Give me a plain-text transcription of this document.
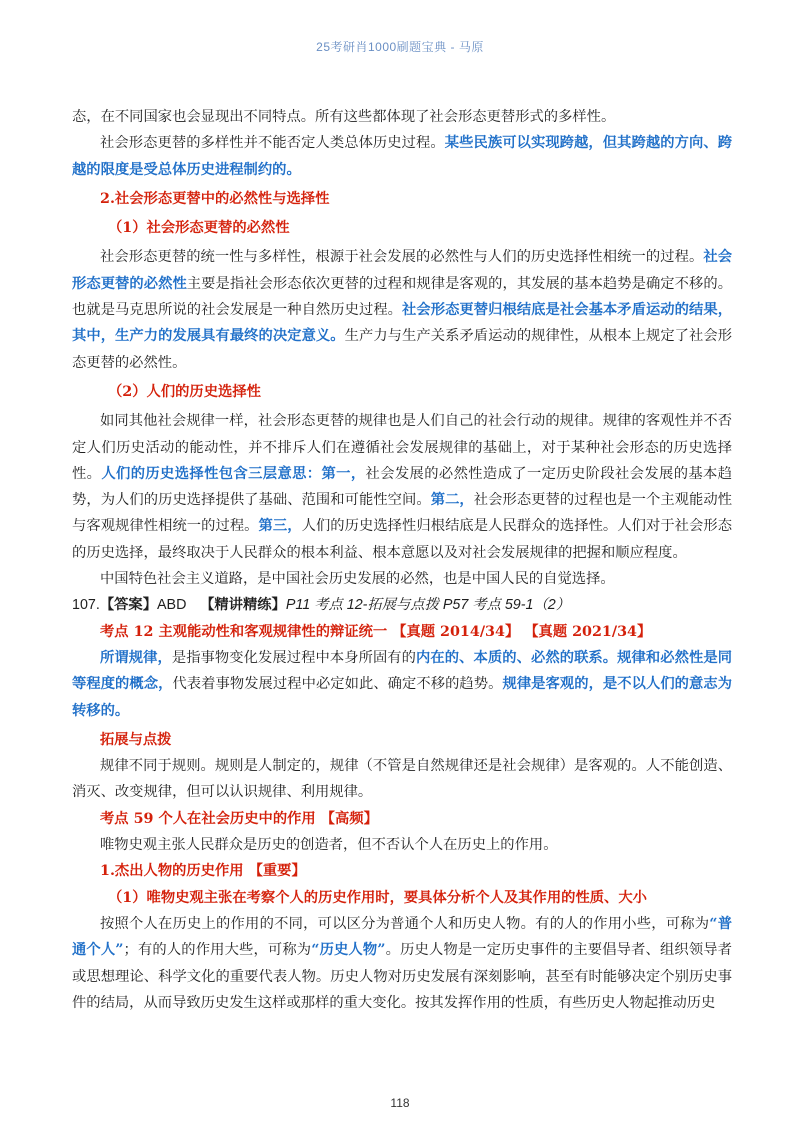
25考研肖1000刷题宝典 - 马原

态，在不同国家也会显现出不同特点。所有这些都体现了社会形态更替形式的多样性。

社会形态更替的多样性并不能否定人类总体历史过程。某些民族可以实现跨越，但其跨越的方向、跨越的限度是受总体历史进程制约的。

2.社会形态更替中的必然性与选择性

（1）社会形态更替的必然性

社会形态更替的统一性与多样性，根源于社会发展的必然性与人们的历史选择性相统一的过程。社会形态更替的必然性主要是指社会形态依次更替的过程和规律是客观的，其发展的基本趋势是确定不移的。也就是马克思所说的社会发展是一种自然历史过程。社会形态更替归根结底是社会基本矛盾运动的结果，其中，生产力的发展具有最终的决定意义。生产力与生产关系矛盾运动的规律性，从根本上规定了社会形态更替的必然性。

（2）人们的历史选择性

如同其他社会规律一样，社会形态更替的规律也是人们自己的社会行动的规律。规律的客观性并不否定人们历史活动的能动性，并不排斥人们在遵循社会发展规律的基础上，对于某种社会形态的历史选择性。人们的历史选择性包含三层意思：第一，社会发展的必然性造成了一定历史阶段社会发展的基本趋势，为人们的历史选择提供了基础、范围和可能性空间。第二，社会形态更替的过程也是一个主观能动性与客观规律性相统一的过程。第三，人们的历史选择性归根结底是人民群众的选择性。人们对于社会形态的历史选择，最终取决于人民群众的根本利益、根本意愿以及对社会发展规律的把握和顺应程度。

中国特色社会主义道路，是中国社会历史发展的必然，也是中国人民的自觉选择。

107.【答案】ABD 【精讲精练】P11 考点 12-拓展与点拨 P57 考点 59-1（2）

考点 12 主观能动性和客观规律性的辩证统一 【真题 2014/34】 【真题 2021/34】

所谓规律，是指事物变化发展过程中本身所固有的内在的、本质的、必然的联系。规律和必然性是同等程度的概念，代表着事物发展过程中必定如此、确定不移的趋势。规律是客观的，是不以人们的意志为转移的。

拓展与点拨

规律不同于规则。规则是人制定的，规律（不管是自然规律还是社会规律）是客观的。人不能创造、消灭、改变规律，但可以认识规律、利用规律。

考点 59 个人在社会历史中的作用 【高频】

唯物史观主张人民群众是历史的创造者，但不否认个人在历史上的作用。

1.杰出人物的历史作用 【重要】

（1）唯物史观主张在考察个人的历史作用时，要具体分析个人及其作用的性质、大小

按照个人在历史上的作用的不同，可以区分为普通个人和历史人物。有的人的作用小些，可称为“普通个人”；有的人的作用大些，可称为“历史人物”。历史人物是一定历史事件的主要倡导者、组织领导者或思想理论、科学文化的重要代表人物。历史人物对历史发展有深刻影响，甚至有时能够决定个别历史事件的结局，从而导致历史发生这样或那样的重大变化。按其发挥作用的性质，有些历史人物起推动历史

118
